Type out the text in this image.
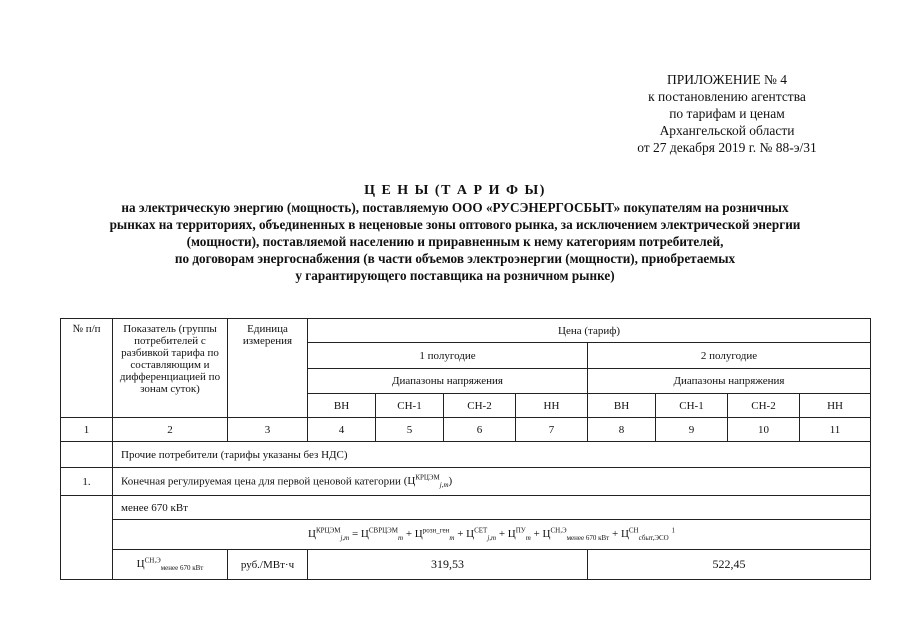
ПРИЛОЖЕНИЕ № 4
к постановлению агентства
по тарифам и ценам
Архангельской области
от 27 декабря 2019 г. № 88-э/31
Ц Е Н Ы (Т А Р И Ф Ы)
на электрическую энергию (мощность), поставляемую ООО «РУСЭНЕРГОСБЫТ» покупателям на розничных
рынках на территориях, объединенных в неценовые зоны оптового рынка, за исключением электрической энергии
(мощности), поставляемой населению и приравненным к нему категориям потребителей,
по договорам энергоснабжения (в части объемов электроэнергии (мощности), приобретаемых
у гарантирующего поставщика на розничном рынке)
№ п/п	Показатель (группы потребителей с разбивкой тарифа по составляющим и дифференциацией по зонам суток)	Единица измерения	Цена (тариф)							
			1 полугодие				2 полугодие			
			Диапазоны напряжения				Диапазоны напряжения			
			ВН	СН-1	СН-2	НН	ВН	СН-1	СН-2	НН
1	2	3	4	5	6	7	8	9	10	11
	Прочие потребители (тарифы указаны без НДС)									
1.	Конечная регулируемая цена для первой ценовой категории $(Ц^{КРЦЭМ}_{j,m})$									
	менее 670 кВт									
	$Ц^{КРЦЭМ}_{j,m} = Ц^{СВРЦЭМ}_m + Ц^{розн\_ген}_m + Ц^{СЕТ}_{j,m} + Ц^{ПУ}_m + Ц^{СН,Э}_{менее 670 кВт} + Ц^{СН}_{сбыт,ЭСО}$ $^1$
	$Ц^{СН,Э}_{менее 670 кВт}$	руб./МВт·ч	319,53				522,45			
